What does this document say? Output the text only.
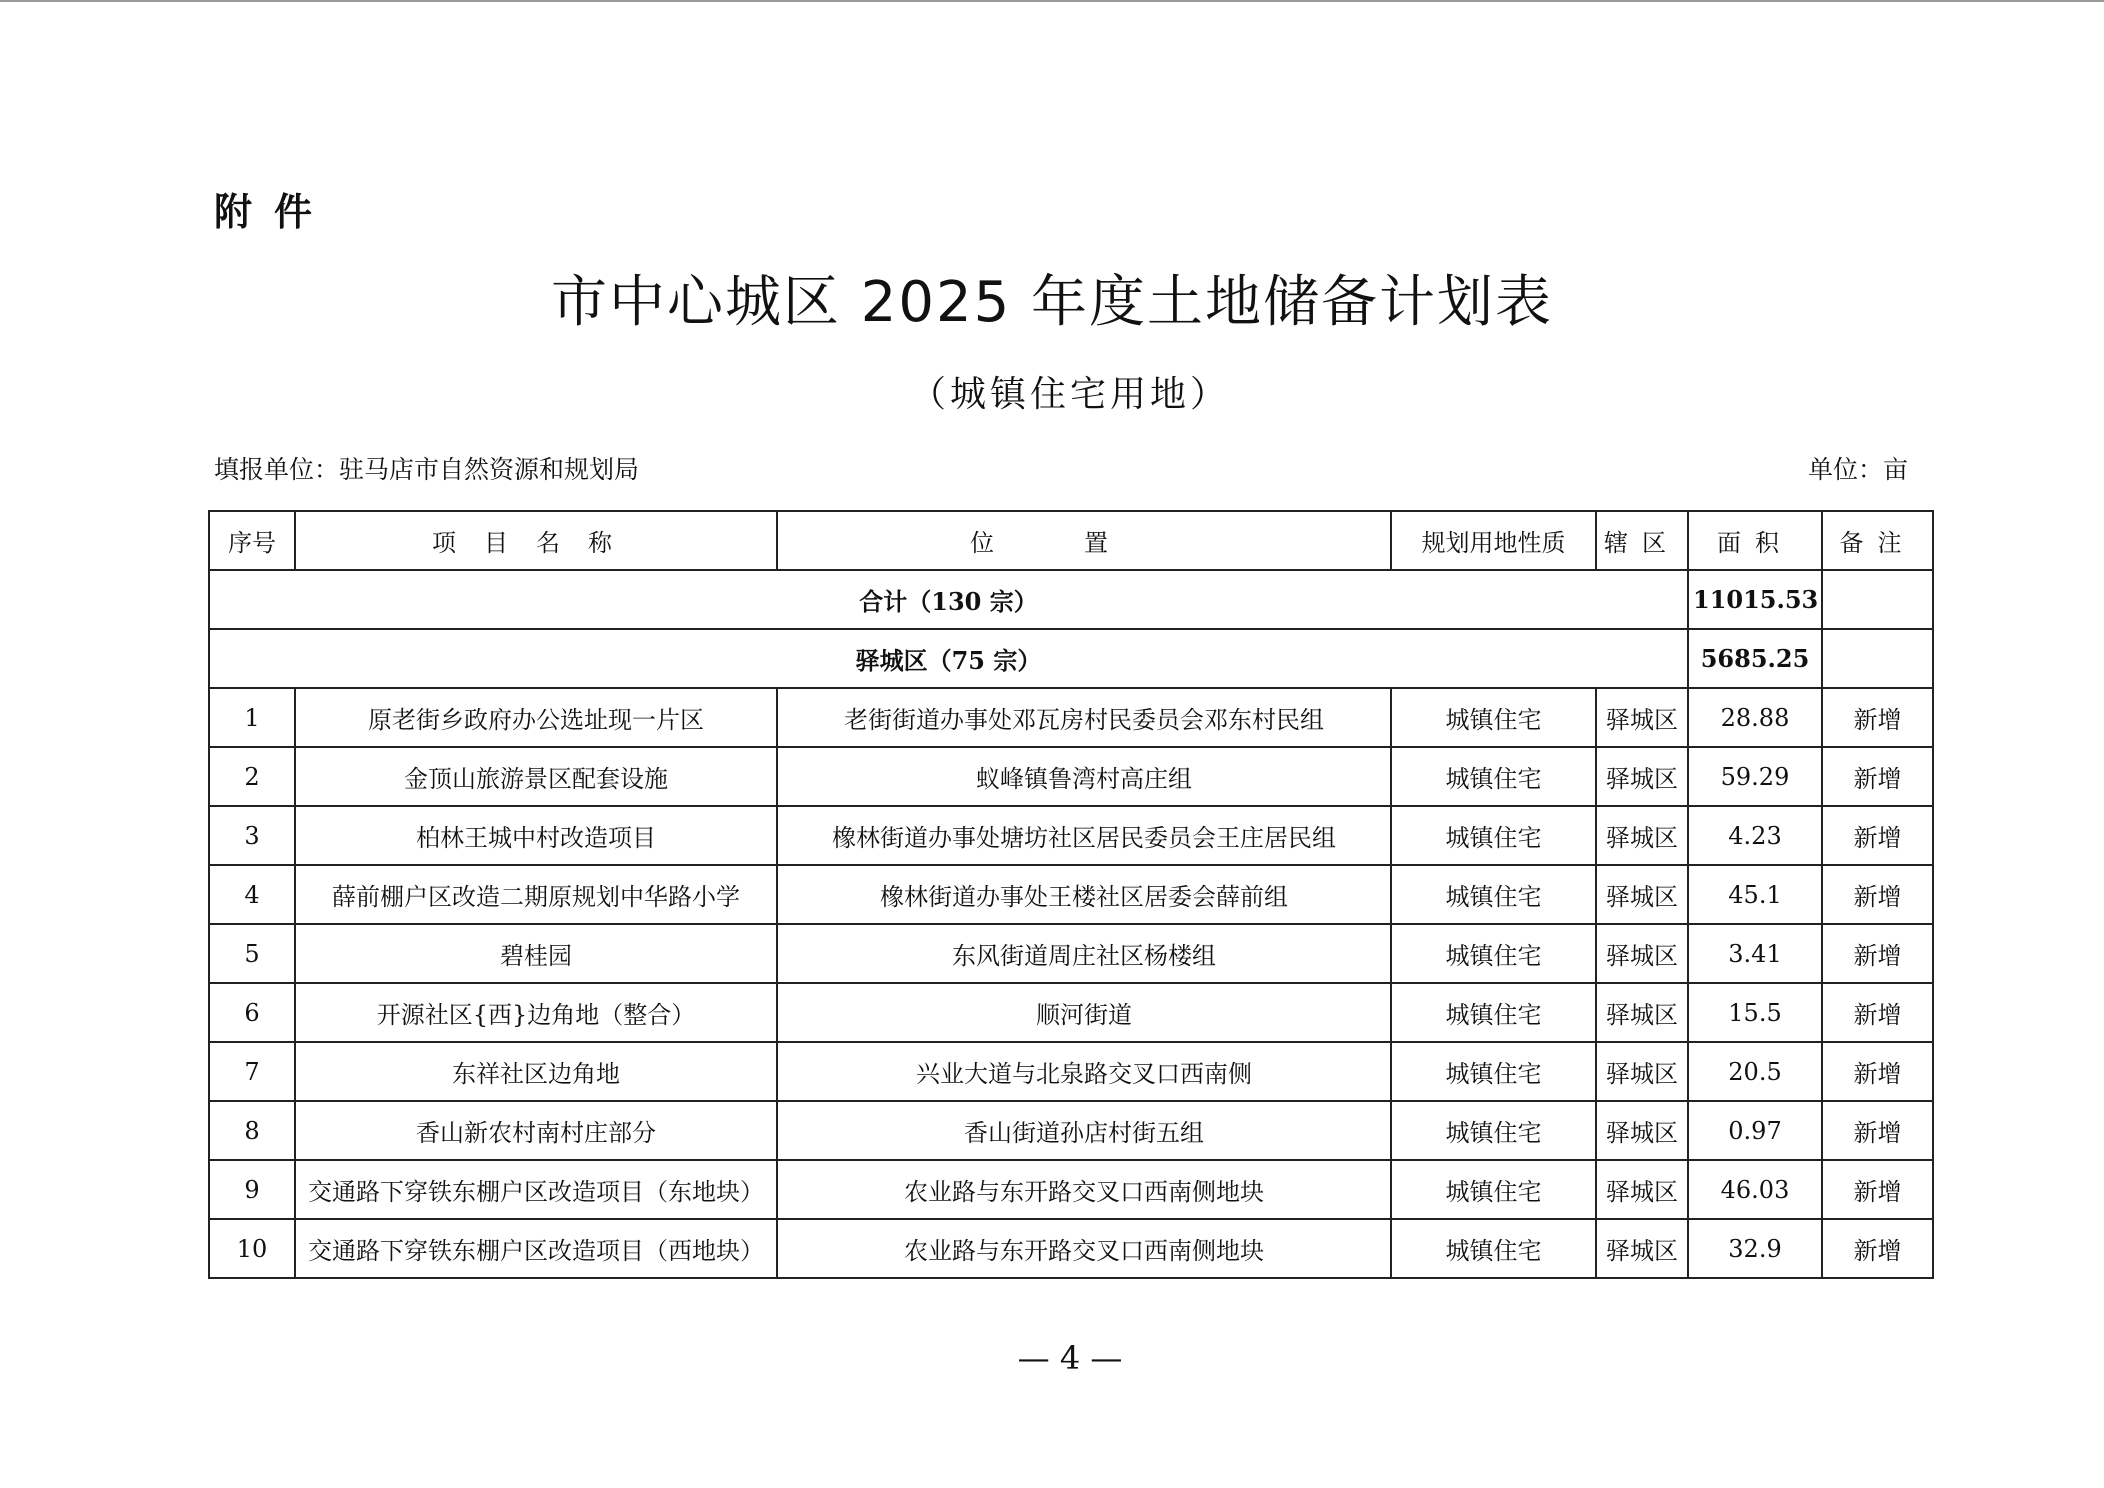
附件
市中心城区 2025 年度土地储备计划表
（城镇住宅用地）
填报单位：驻马店市自然资源和规划局	单位：亩
序号	项目名称	位置	规划用地性质	辖区	面积	备注
合计（130 宗）					11015.53	
驿城区（75 宗）					5685.25	
1	原老街乡政府办公选址现一片区	老街街道办事处邓瓦房村民委员会邓东村民组	城镇住宅	驿城区	28.88	新增
2	金顶山旅游景区配套设施	蚁峰镇鲁湾村高庄组	城镇住宅	驿城区	59.29	新增
3	柏林王城中村改造项目	橡林街道办事处塘坊社区居民委员会王庄居民组	城镇住宅	驿城区	4.23	新增
4	薛前棚户区改造二期原规划中华路小学	橡林街道办事处王楼社区居委会薛前组	城镇住宅	驿城区	45.1	新增
5	碧桂园	东风街道周庄社区杨楼组	城镇住宅	驿城区	3.41	新增
6	开源社区{西}边角地（整合）	顺河街道	城镇住宅	驿城区	15.5	新增
7	东祥社区边角地	兴业大道与北泉路交叉口西南侧	城镇住宅	驿城区	20.5	新增
8	香山新农村南村庄部分	香山街道孙店村街五组	城镇住宅	驿城区	0.97	新增
9	交通路下穿铁东棚户区改造项目（东地块）	农业路与东开路交叉口西南侧地块	城镇住宅	驿城区	46.03	新增
10	交通路下穿铁东棚户区改造项目（西地块）	农业路与东开路交叉口西南侧地块	城镇住宅	驿城区	32.9	新增
— 4 —
